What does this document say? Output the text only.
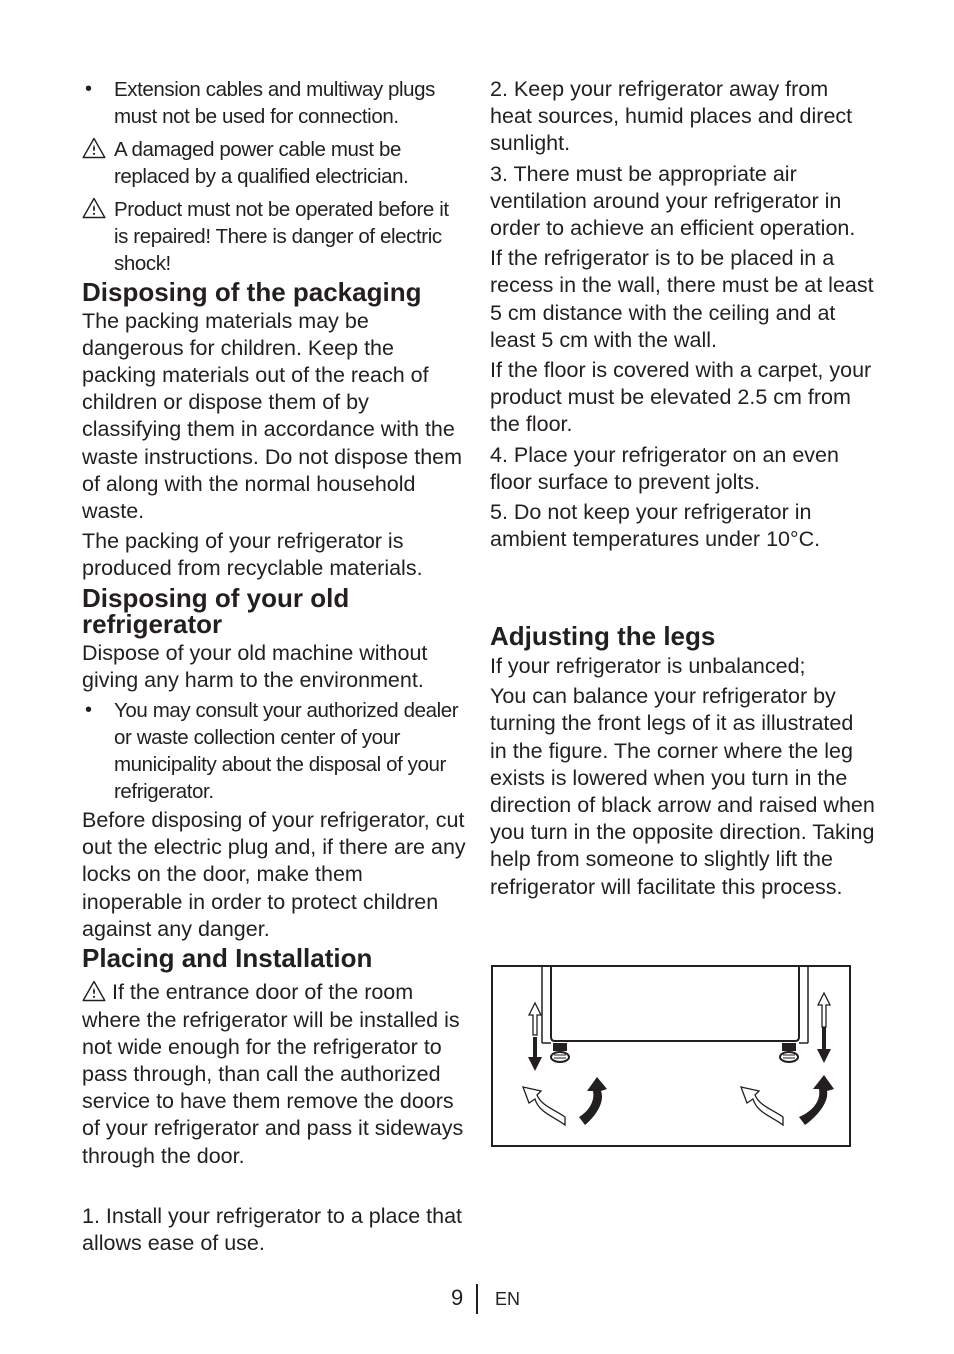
•	Extension cables and multiway plugs must not be used for connection.
A damaged power cable must be replaced by a qualified electrician.
Product must not be operated before it is repaired! There is danger of electric shock!
Disposing of the packaging

The packing materials may be dangerous for children. Keep the packing materials out of the reach of children or dispose them of by classifying them in accordance with the waste instructions. Do not dispose them of along with the normal household waste.

The packing of your refrigerator is produced from recyclable materials.

Disposing of your old
refrigerator

Dispose of your old machine without giving any harm to the environment.

•	You may consult your authorized dealer or waste collection center of your municipality about the disposal of your refrigerator.

Before disposing of your refrigerator, cut out the electric plug and, if there are any locks on the door, make them inoperable in order to protect children against any danger.

Placing and Installation

If the entrance door of the room where the refrigerator will be installed is not wide enough for the refrigerator to pass through, than call the authorized service to have them remove the doors of your refrigerator and pass it sideways through the door.

1. Install your refrigerator to a place that allows ease of use.

2. Keep your refrigerator away from heat sources, humid places and direct sunlight.

3. There must be appropriate air ventilation around your refrigerator in order to achieve an efficient operation.

If the refrigerator is to be placed in a recess in the wall, there must be at least 5 cm distance with the ceiling and at least 5 cm with the wall.

If the floor is covered with a carpet, your product must be elevated 2.5 cm from the floor.

4. Place your refrigerator on an even floor surface to prevent jolts.

5. Do not keep your refrigerator in ambient temperatures under 10°C.

Adjusting the legs

If your refrigerator is unbalanced;

You can balance your refrigerator by turning the front legs of it as illustrated in the figure. The corner where the leg exists is lowered when you turn in the direction of black arrow and raised when you turn in the opposite direction. Taking help from someone to slightly lift the refrigerator will facilitate this process.

9 EN
